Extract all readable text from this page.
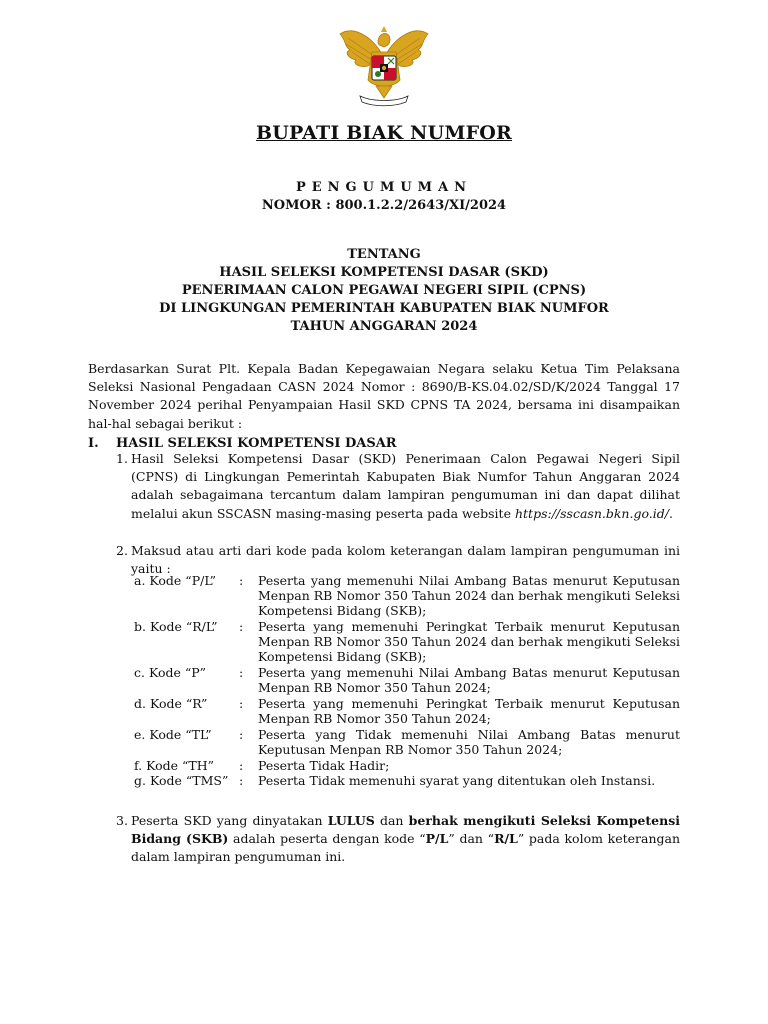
BUPATI BIAK NUMFOR
PENGUMUMAN
NOMOR : 800.1.2.2/2643/XI/2024
TENTANG
HASIL SELEKSI KOMPETENSI DASAR (SKD)
PENERIMAAN CALON PEGAWAI NEGERI SIPIL (CPNS)
DI LINGKUNGAN PEMERINTAH KABUPATEN BIAK NUMFOR
TAHUN ANGGARAN 2024
Berdasarkan Surat Plt. Kepala Badan Kepegawaian Negara selaku Ketua Tim Pelaksana Seleksi Nasional Pengadaan CASN 2024 Nomor : 8690/B-KS.04.02/SD/K/2024 Tanggal 17 November 2024 perihal Penyampaian Hasil SKD CPNS TA 2024, bersama ini disampaikan hal-hal sebagai berikut :
I. HASIL SELEKSI KOMPETENSI DASAR
1. Hasil Seleksi Kompetensi Dasar (SKD) Penerimaan Calon Pegawai Negeri Sipil (CPNS) di Lingkungan Pemerintah Kabupaten Biak Numfor Tahun Anggaran 2024 adalah sebagaimana tercantum dalam lampiran pengumuman ini dan dapat dilihat melalui akun SSCASN masing-masing peserta pada website https://sscasn.bkn.go.id/.
2. Maksud atau arti dari kode pada kolom keterangan dalam lampiran pengumuman ini yaitu :
a. Kode “P/L” : Peserta yang memenuhi Nilai Ambang Batas menurut Keputusan Menpan RB Nomor 350 Tahun 2024 dan berhak mengikuti Seleksi Kompetensi Bidang (SKB);
b. Kode “R/L” : Peserta yang memenuhi Peringkat Terbaik menurut Keputusan Menpan RB Nomor 350 Tahun 2024 dan berhak mengikuti Seleksi Kompetensi Bidang (SKB);
c. Kode “P”	: Peserta yang memenuhi Nilai Ambang Batas menurut Keputusan Menpan RB Nomor 350 Tahun 2024;
d. Kode “R”	: Peserta yang memenuhi Peringkat Terbaik menurut Keputusan Menpan RB Nomor 350 Tahun 2024;
e. Kode “TL” : Peserta yang Tidak memenuhi Nilai Ambang Batas menurut Keputusan Menpan RB Nomor 350 Tahun 2024;
f. Kode “TH” : Peserta Tidak Hadir;
g. Kode “TMS” : Peserta Tidak memenuhi syarat yang ditentukan oleh Instansi.
3. Peserta SKD yang dinyatakan LULUS dan berhak mengikuti Seleksi Kompetensi Bidang (SKB) adalah peserta dengan kode “P/L” dan “R/L” pada kolom keterangan dalam lampiran pengumuman ini.
